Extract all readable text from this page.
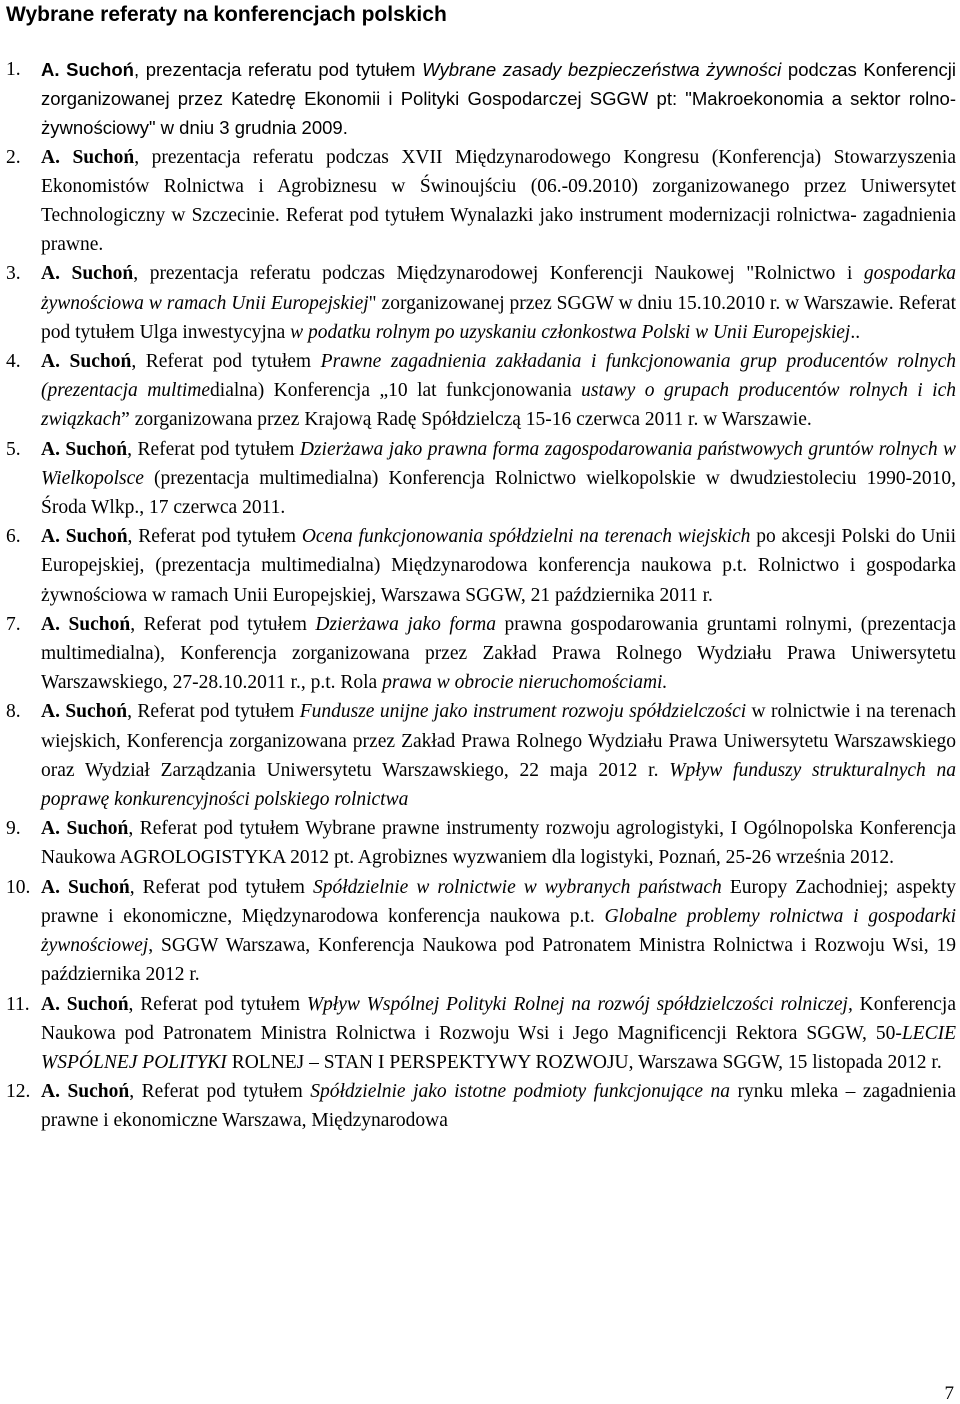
Wybrane referaty na konferencjach polskich
1. A. Suchoń, prezentacja referatu pod tytułem Wybrane zasady bezpieczeństwa żywności podczas Konferencji zorganizowanej przez Katedrę Ekonomii i Polityki Gospodarczej SGGW pt: "Makroekonomia a sektor rolno-żywnościowy" w dniu 3 grudnia 2009.
2. A. Suchoń, prezentacja referatu podczas XVII Międzynarodowego Kongresu (Konferencja) Stowarzyszenia Ekonomistów Rolnictwa i Agrobiznesu w Świnoujściu (06.-09.2010) zorganizowanego przez Uniwersytet Technologiczny w Szczecinie. Referat pod tytułem Wynalazki jako instrument modernizacji rolnictwa- zagadnienia prawne.
3. A. Suchoń, prezentacja referatu podczas Międzynarodowej Konferencji Naukowej "Rolnictwo i gospodarka żywnościowa w ramach Unii Europejskiej" zorganizowanej przez SGGW w dniu 15.10.2010 r. w Warszawie. Referat pod tytułem Ulga inwestycyjna w podatku rolnym po uzyskaniu członkostwa Polski w Unii Europejskiej..
4. A. Suchoń, Referat pod tytułem Prawne zagadnienia zakładania i funkcjonowania grup producentów rolnych (prezentacja multimedialna) Konferencja „10 lat funkcjonowania ustawy o grupach producentów rolnych i ich związkach” zorganizowana przez Krajową Radę Spółdzielczą 15-16 czerwca 2011 r. w Warszawie.
5. A. Suchoń, Referat pod tytułem Dzierżawa jako prawna forma zagospodarowania państwowych gruntów rolnych w Wielkopolsce (prezentacja multimedialna) Konferencja Rolnictwo wielkopolskie w dwudziestoleciu 1990-2010, Środa Wlkp., 17 czerwca 2011.
6. A. Suchoń, Referat pod tytułem Ocena funkcjonowania spółdzielni na terenach wiejskich po akcesji Polski do Unii Europejskiej, (prezentacja multimedialna) Międzynarodowa konferencja naukowa p.t. Rolnictwo i gospodarka żywnościowa w ramach Unii Europejskiej, Warszawa SGGW, 21 października 2011 r.
7. A. Suchoń, Referat pod tytułem Dzierżawa jako forma prawna gospodarowania gruntami rolnymi, (prezentacja multimedialna), Konferencja zorganizowana przez Zakład Prawa Rolnego Wydziału Prawa Uniwersytetu Warszawskiego, 27-28.10.2011 r., p.t. Rola prawa w obrocie nieruchomościami.
8. A. Suchoń, Referat pod tytułem Fundusze unijne jako instrument rozwoju spółdzielczości w rolnictwie i na terenach wiejskich, Konferencja zorganizowana przez Zakład Prawa Rolnego Wydziału Prawa Uniwersytetu Warszawskiego oraz Wydział Zarządzania Uniwersytetu Warszawskiego, 22 maja 2012 r. Wpływ funduszy strukturalnych na poprawę konkurencyjności polskiego rolnictwa
9. A. Suchoń, Referat pod tytułem Wybrane prawne instrumenty rozwoju agrologistyki, I Ogólnopolska Konferencja Naukowa AGROLOGISTYKA 2012 pt. Agrobiznes wyzwaniem dla logistyki, Poznań, 25-26 września 2012.
10. A. Suchoń, Referat pod tytułem Spółdzielnie w rolnictwie w wybranych państwach Europy Zachodniej; aspekty prawne i ekonomiczne, Międzynarodowa konferencja naukowa p.t. Globalne problemy rolnictwa i gospodarki żywnościowej, SGGW Warszawa, Konferencja Naukowa pod Patronatem Ministra Rolnictwa i Rozwoju Wsi, 19 października 2012 r.
11. A. Suchoń, Referat pod tytułem Wpływ Wspólnej Polityki Rolnej na rozwój spółdzielczości rolniczej, Konferencja Naukowa pod Patronatem Ministra Rolnictwa i Rozwoju Wsi i Jego Magnificencji Rektora SGGW, 50-LECIE WSPÓLNEJ POLITYKI ROLNEJ – STAN I PERSPEKTYWY ROZWOJU, Warszawa SGGW, 15 listopada 2012 r.
12. A. Suchoń, Referat pod tytułem Spółdzielnie jako istotne podmioty funkcjonujące na rynku mleka – zagadnienia prawne i ekonomiczne Warszawa, Międzynarodowa
7
